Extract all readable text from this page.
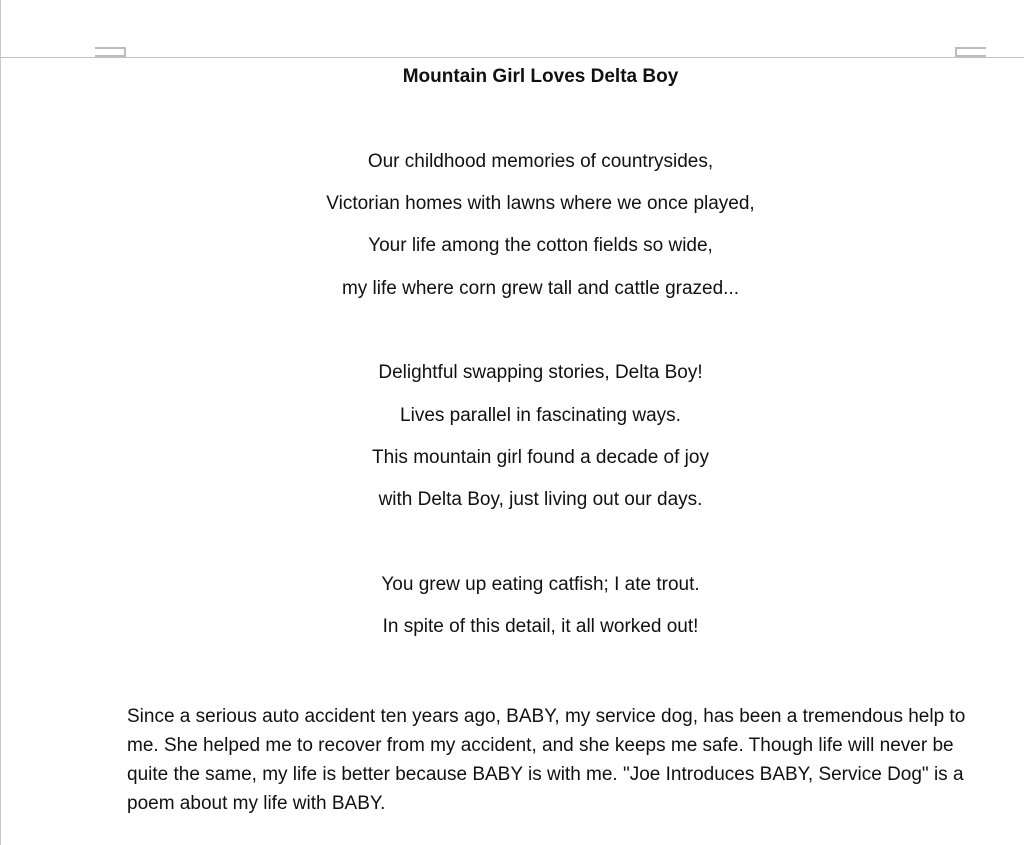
Mountain Girl Loves Delta Boy

Our childhood memories of countrysides,

Victorian homes with lawns where we once played,

Your life among the cotton fields so wide,

my life where corn grew tall and cattle grazed...

Delightful swapping stories, Delta Boy!

Lives parallel in fascinating ways.

This mountain girl found a decade of joy

with Delta Boy, just living out our days.

You grew up eating catfish; I ate trout.

In spite of this detail, it all worked out!

Since a serious auto accident ten years ago, BABY, my service dog, has been a tremendous help to me. She helped me to recover from my accident, and she keeps me safe. Though life will never be quite the same, my life is better because BABY is with me. "Joe Introduces BABY, Service Dog" is a poem about my life with BABY.
